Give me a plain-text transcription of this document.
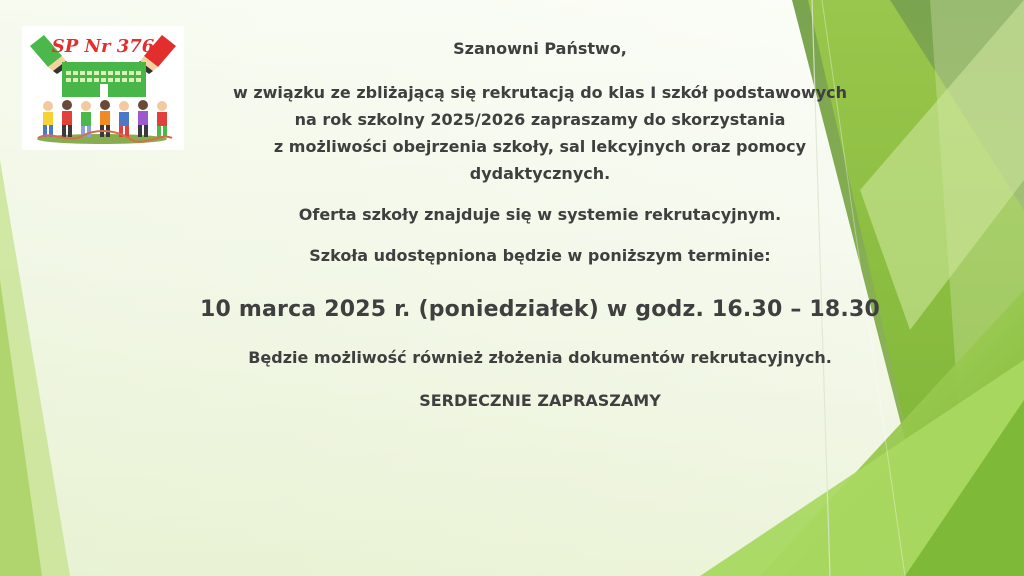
SP Nr 376	Szanowni Państwo,

w związku ze zbliżającą się rekrutacją do klas I szkół podstawowych

na rok szkolny 2025/2026 zapraszamy do skorzystania

z możliwości obejrzenia szkoły, sal lekcyjnych oraz pomocy

dydaktycznych.

Oferta szkoły znajduje się w systemie rekrutacyjnym.

Szkoła udostępniona będzie w poniższym terminie:

10 marca 2025 r. (poniedziałek) w godz. 16.30 – 18.30

Będzie możliwość również złożenia dokumentów rekrutacyjnych.

SERDECZNIE ZAPRASZAMY
